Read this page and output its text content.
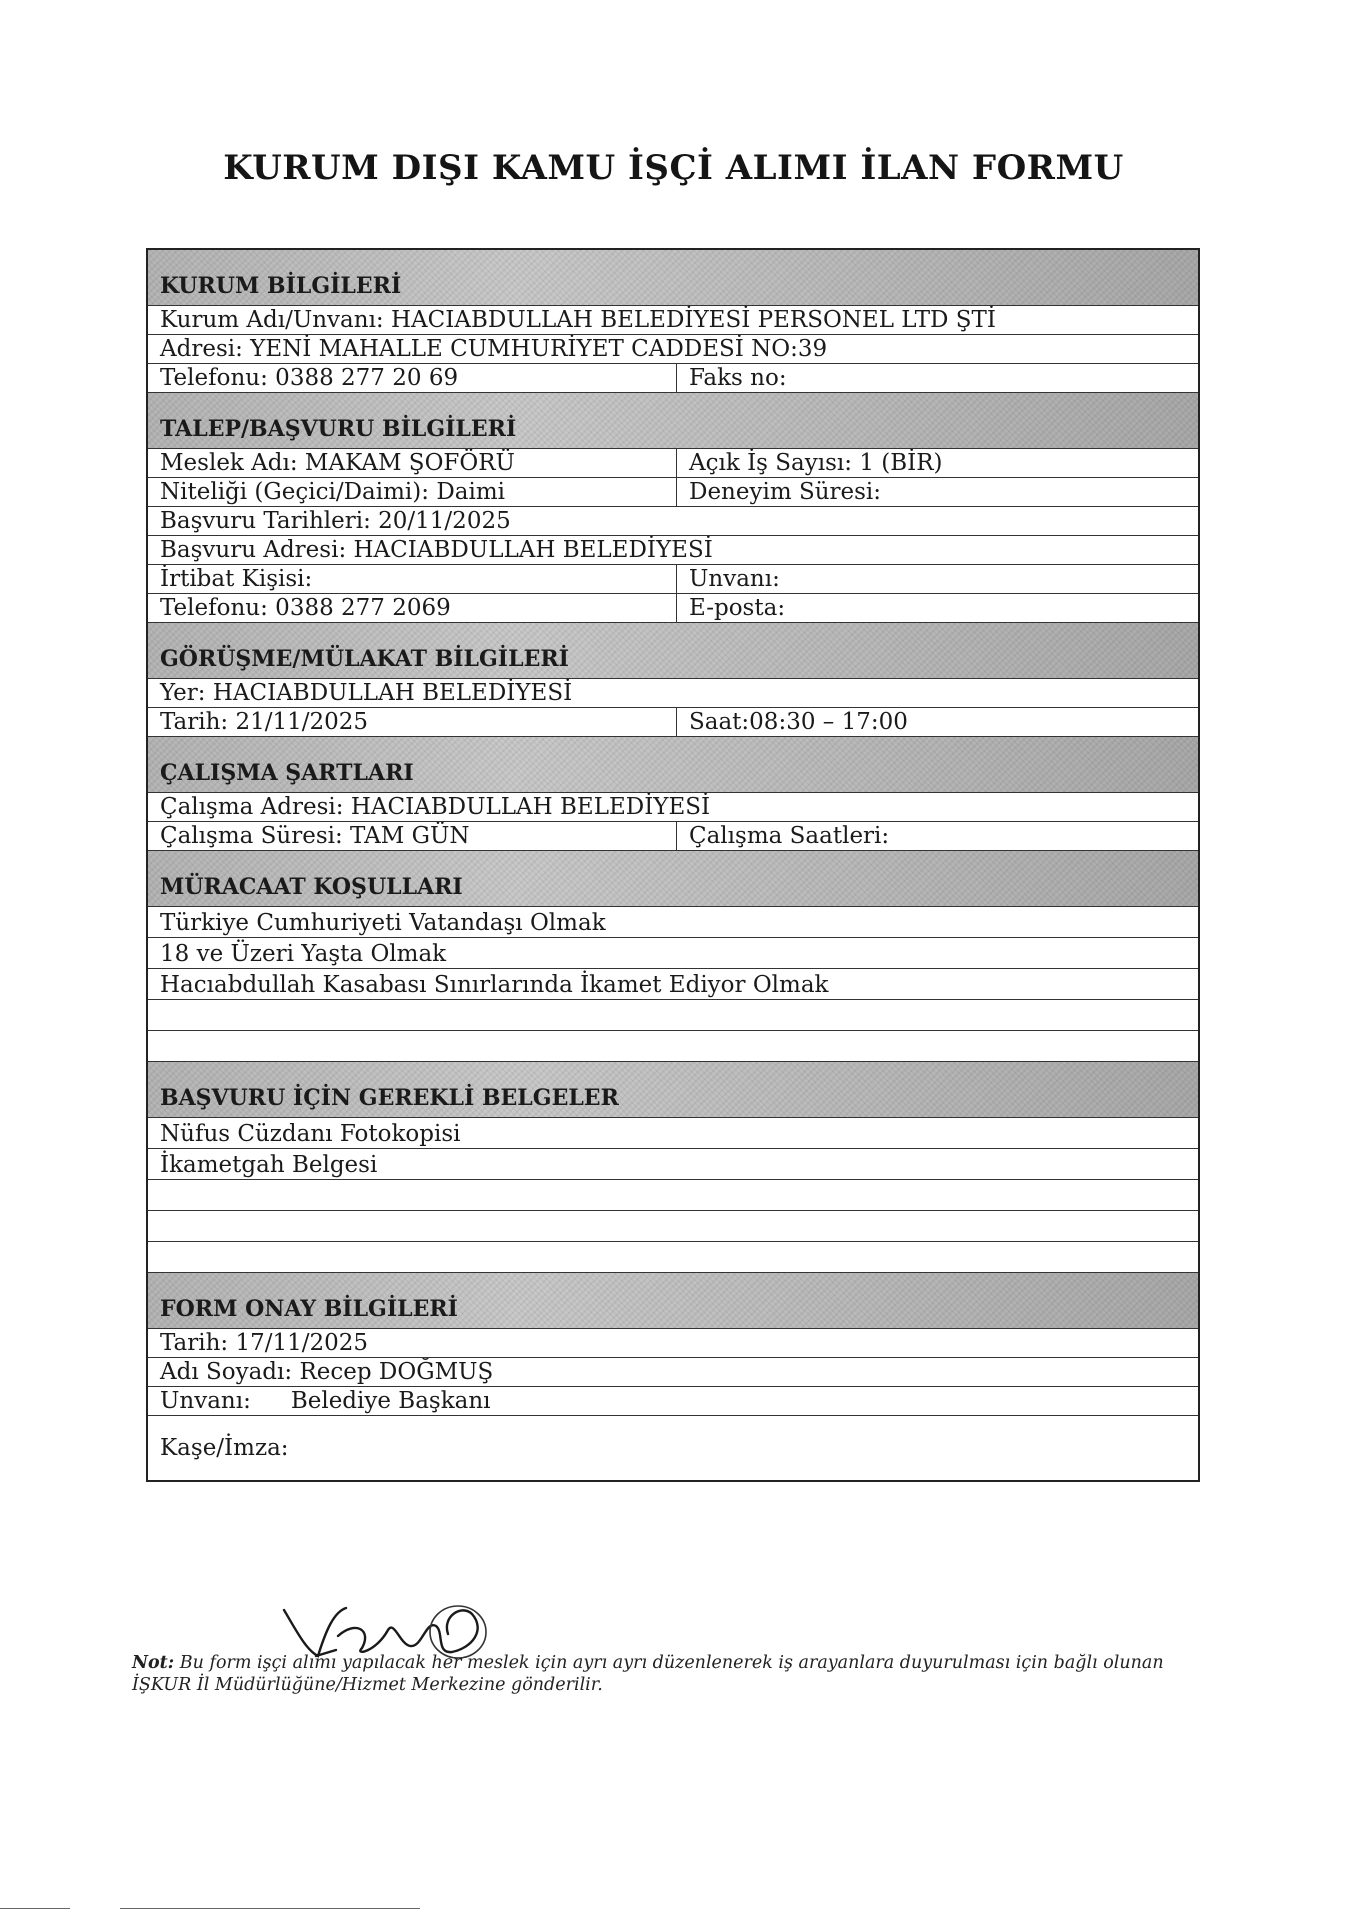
KURUM DIŞI KAMU İŞÇİ ALIMI İLAN FORMU
KURUM BİLGİLERİ
Kurum Adı/Unvanı: HACIABDULLAH BELEDİYESİ PERSONEL LTD ŞTİ
Adresi: YENİ MAHALLE CUMHURİYET CADDESİ NO:39
Telefonu: 0388 277 20 69	Faks no:
TALEP/BAŞVURU BİLGİLERİ
Meslek Adı: MAKAM ŞOFÖRÜ	Açık İş Sayısı: 1 (BİR)
Niteliği (Geçici/Daimi): Daimi	Deneyim Süresi:
Başvuru Tarihleri: 20/11/2025
Başvuru Adresi: HACIABDULLAH BELEDİYESİ
İrtibat Kişisi:	Unvanı:
Telefonu: 0388 277 2069	E-posta:
GÖRÜŞME/MÜLAKAT BİLGİLERİ
Yer: HACIABDULLAH BELEDİYESİ
Tarih: 21/11/2025	Saat:08:30 – 17:00
ÇALIŞMA ŞARTLARI
Çalışma Adresi: HACIABDULLAH BELEDİYESİ
Çalışma Süresi: TAM GÜN	Çalışma Saatleri:
MÜRACAAT KOŞULLARI
Türkiye Cumhuriyeti Vatandaşı Olmak
18 ve Üzeri Yaşta Olmak
Hacıabdullah Kasabası Sınırlarında İkamet Ediyor Olmak
BAŞVURU İÇİN GEREKLİ BELGELER
Nüfus Cüzdanı Fotokopisi
İkametgah Belgesi
FORM ONAY BİLGİLERİ
Tarih: 17/11/2025
Adı Soyadı: Recep DOĞMUŞ
Unvanı: Belediye Başkanı
Kaşe/İmza:
Not: Bu form işçi alımı yapılacak her meslek için ayrı ayrı düzenlenerek iş arayanlara duyurulması için bağlı olunan İŞKUR İl Müdürlüğüne/Hizmet Merkezine gönderilir.
